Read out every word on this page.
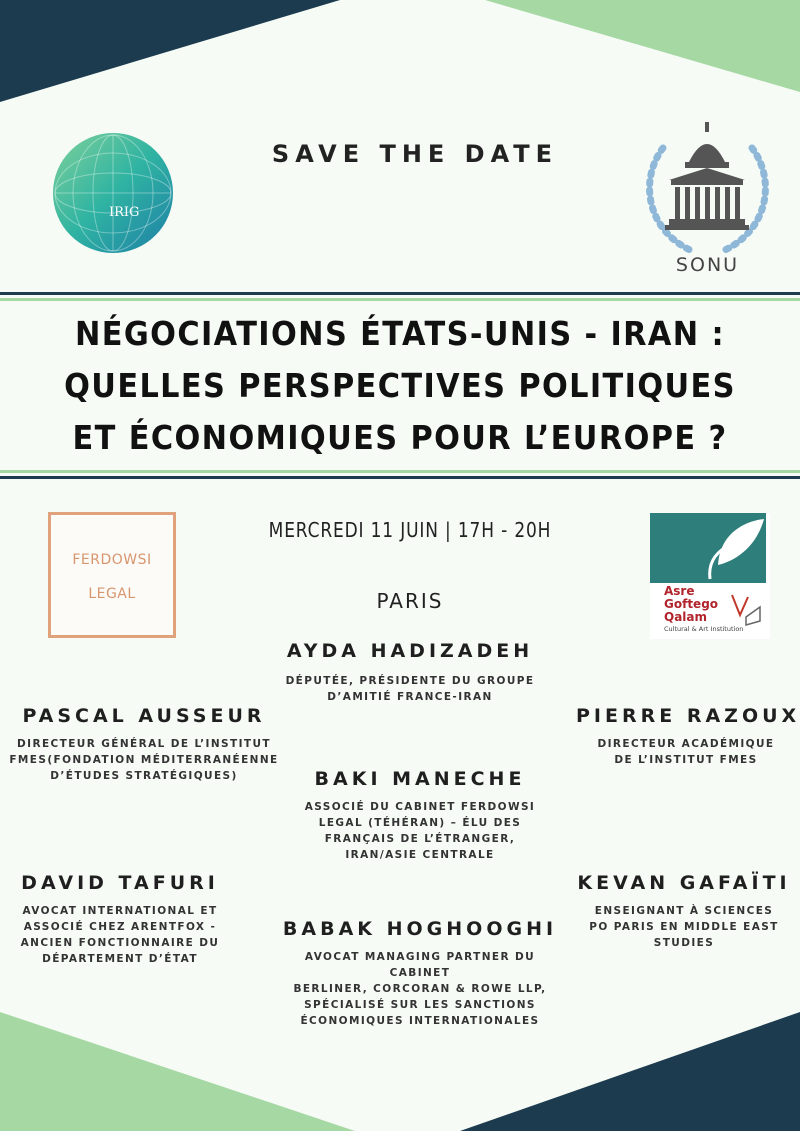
SAVE THE DATE
IRIG
SONU
NÉGOCIATIONS ÉTATS-UNIS - IRAN :
QUELLES PERSPECTIVES POLITIQUES
ET ÉCONOMIQUES POUR L’EUROPE ?
FERDOWSI
LEGAL
MERCREDI 11 JUIN | 17H - 20H
PARIS	Asre
Goftego
Qalam
Cultural & Art Institution
AYDA HADIZADEH
DÉPUTÉE, PRÉSIDENTE DU GROUPE
D’AMITIÉ FRANCE-IRAN
PASCAL AUSSEUR
DIRECTEUR GÉNÉRAL DE L’INSTITUT
FMES(FONDATION MÉDITERRANÉENNE
D’ÉTUDES STRATÉGIQUES)
PIERRE RAZOUX
DIRECTEUR ACADÉMIQUE
DE L’INSTITUT FMES
BAKI MANECHE
ASSOCIÉ DU CABINET FERDOWSI
LEGAL (TÉHÉRAN) – ÉLU DES
FRANÇAIS DE L’ÉTRANGER,
IRAN/ASIE CENTRALE
DAVID TAFURI
AVOCAT INTERNATIONAL ET
ASSOCIÉ CHEZ ARENTFOX -
ANCIEN FONCTIONNAIRE DU
DÉPARTEMENT D’ÉTAT
KEVAN GAFAÏTI
ENSEIGNANT À SCIENCES
PO PARIS EN MIDDLE EAST
STUDIES
BABAK HOGHOOGHI
AVOCAT MANAGING PARTNER DU
CABINET
BERLINER, CORCORAN & ROWE LLP,
SPÉCIALISÉ SUR LES SANCTIONS
ÉCONOMIQUES INTERNATIONALES
